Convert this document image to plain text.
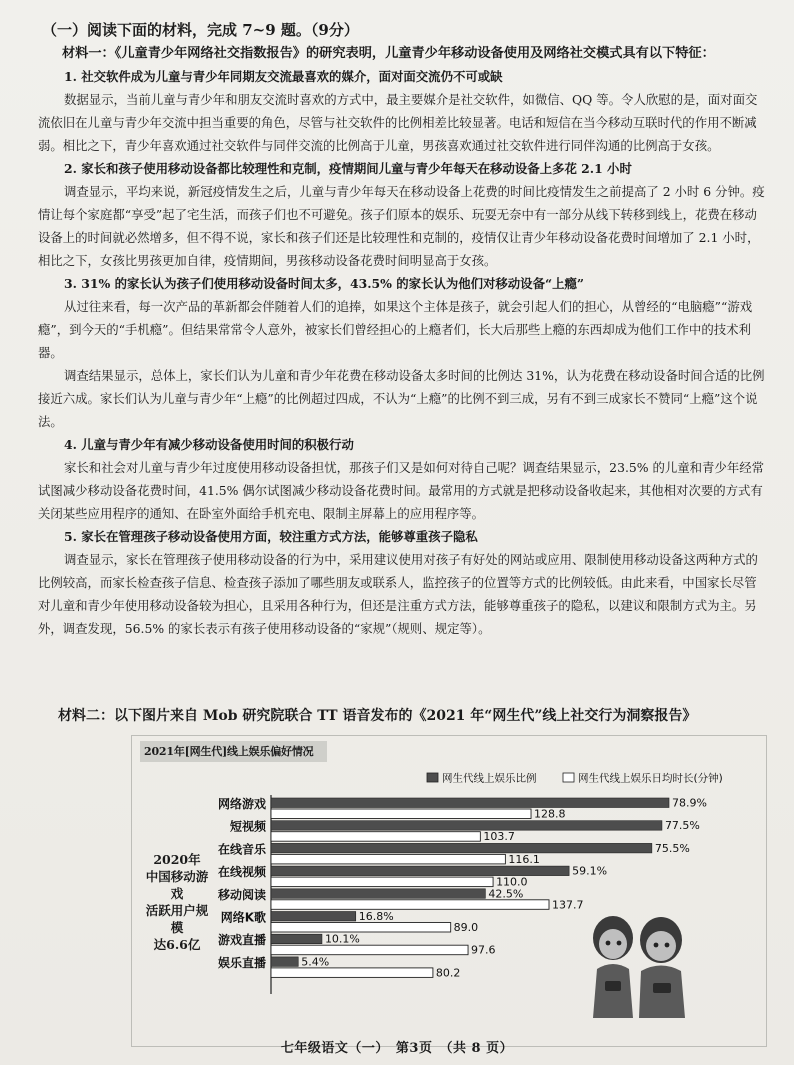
（一）阅读下面的材料，完成 7~9 题。（9分）

材料一：《儿童青少年网络社交指数报告》的研究表明，儿童青少年移动设备使用及网络社交模式具有以下特征：

1. 社交软件成为儿童与青少年同期友交流最喜欢的媒介，面对面交流仍不可或缺

数据显示，当前儿童与青少年和朋友交流时喜欢的方式中，最主要媒介是社交软件，如微信、QQ 等。令人欣慰的是，面对面交流依旧在儿童与青少年交流中担当重要的角色，尽管与社交软件的比例相差比较显著。电话和短信在当今移动互联时代的作用不断减弱。相比之下，青少年喜欢通过社交软件与同伴交流的比例高于儿童，男孩喜欢通过社交软件进行同伴沟通的比例高于女孩。

2. 家长和孩子使用移动设备都比较理性和克制，疫情期间儿童与青少年每天在移动设备上多花 2.1 小时

调查显示，平均来说，新冠疫情发生之后，儿童与青少年每天在移动设备上花费的时间比疫情发生之前提高了 2 小时 6 分钟。疫情让每个家庭都“享受”起了宅生活，而孩子们也不可避免。孩子们原本的娱乐、玩耍无奈中有一部分从线下转移到线上，花费在移动设备上的时间就必然增多，但不得不说，家长和孩子们还是比较理性和克制的，疫情仅让青少年移动设备花费时间增加了 2.1 小时，相比之下，女孩比男孩更加自律，疫情期间，男孩移动设备花费时间明显高于女孩。

3. 31% 的家长认为孩子们使用移动设备时间太多，43.5% 的家长认为他们对移动设备“上瘾”

从过往来看，每一次产品的革新都会伴随着人们的追捧，如果这个主体是孩子，就会引起人们的担心，从曾经的“电脑瘾”“游戏瘾”，到今天的“手机瘾”。但结果常常令人意外，被家长们曾经担心的上瘾者们，长大后那些上瘾的东西却成为他们工作中的技术利器。

调查结果显示，总体上，家长们认为儿童和青少年花费在移动设备太多时间的比例达 31%，认为花费在移动设备时间合适的比例接近六成。家长们认为儿童与青少年“上瘾”的比例超过四成，不认为“上瘾”的比例不到三成，另有不到三成家长不赞同“上瘾”这个说法。

4. 儿童与青少年有减少移动设备使用时间的积极行动

家长和社会对儿童与青少年过度使用移动设备担忧，那孩子们又是如何对待自己呢？调查结果显示，23.5% 的儿童和青少年经常试图减少移动设备花费时间，41.5% 偶尔试图减少移动设备花费时间。最常用的方式就是把移动设备收起来，其他相对次要的方式有关闭某些应用程序的通知、在卧室外面给手机充电、限制主屏幕上的应用程序等。

5. 家长在管理孩子移动设备使用方面，较注重方式方法，能够尊重孩子隐私

调查显示，家长在管理孩子使用移动设备的行为中，采用建议使用对孩子有好处的网站或应用、限制使用移动设备这两种方式的比例较高，而家长检查孩子信息、检查孩子添加了哪些朋友或联系人，监控孩子的位置等方式的比例较低。由此来看，中国家长尽管对儿童和青少年使用移动设备较为担心，且采用各种行为，但还是注重方式方法，能够尊重孩子的隐私，以建议和限制方式为主。另外，调查发现，56.5% 的家长表示有孩子使用移动设备的“家规”（规则、规定等）。

材料二：以下图片来自 Mob 研究院联合 TT 语音发布的《2021 年“网生代”线上社交行为洞察报告》
2021年[网生代]线上娱乐偏好情况
2020年
中国移动游戏
活跃用户规模
达6.6亿
网生代线上娱乐比例	网生代线上娱乐日均时长(分钟)
网络游戏	78.9%
128.8
短视频	77.5%
103.7
在线音乐	75.5%
116.1
在线视频	59.1%
110.0
移动阅读	42.5%
137.7
网络K歌	16.8%
89.0
游戏直播	10.1%
97.6
娱乐直播	5.4%
80.2
七年级语文（一）　第3页　（共 8 页）
